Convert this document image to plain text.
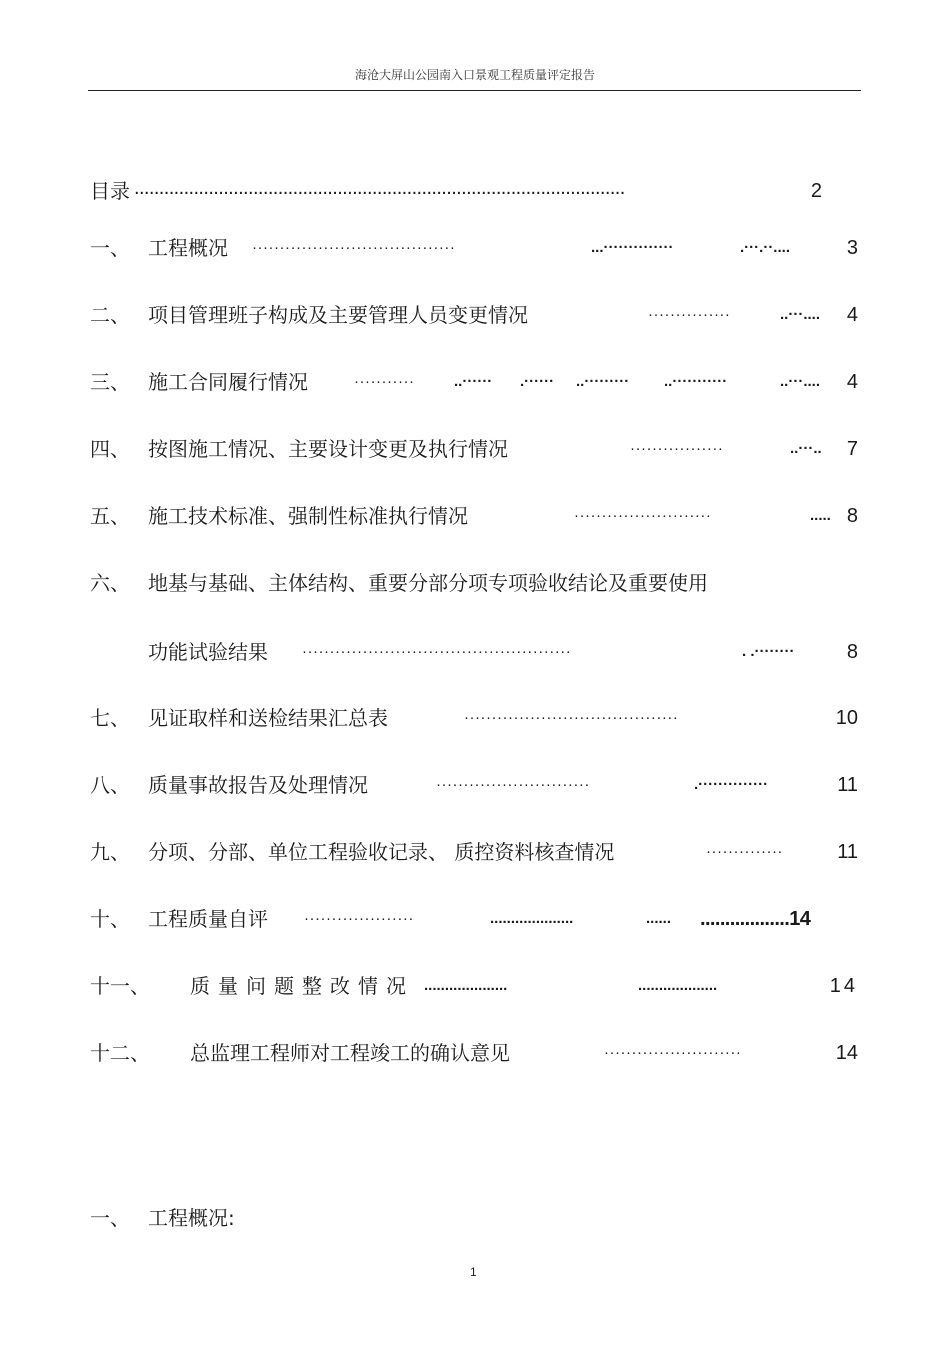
海沧大屏山公园南入口景观工程质量评定报告
目录 ...................................................................................................	2
一、 工程概况 ·····································	...··············	.···.··....	3
二、 项目管理班子构成及主要管理人员变更情况	···············	..···.... 4
三、 施工合同履行情况	···········	..······ .······ ..········· ..···········	..···.... 4
四、 按图施工情况、主要设计变更及执行情况	·················	..···.. 7
五、 施工技术标准、强制性标准执行情况	·························	..... 8
六、 地基与基础、主体结构、重要分部分项专项验收结论及重要使用
功能试验结果 ·················································	. .········	8
七、 见证取样和送检结果汇总表	·······································	10
八、 质量事故报告及处理情况	····························	.··············	11
九、 分项、分部、单位工程验收记录、 质控资料核查情况	··············	11
十、 工程质量自评 ····················	....................	...... ..................14
十一、 质量问题整改情况 ....................	...................	14
十二、 总监理工程师对工程竣工的确认意见	·························	14
一、 工程概况:
1
